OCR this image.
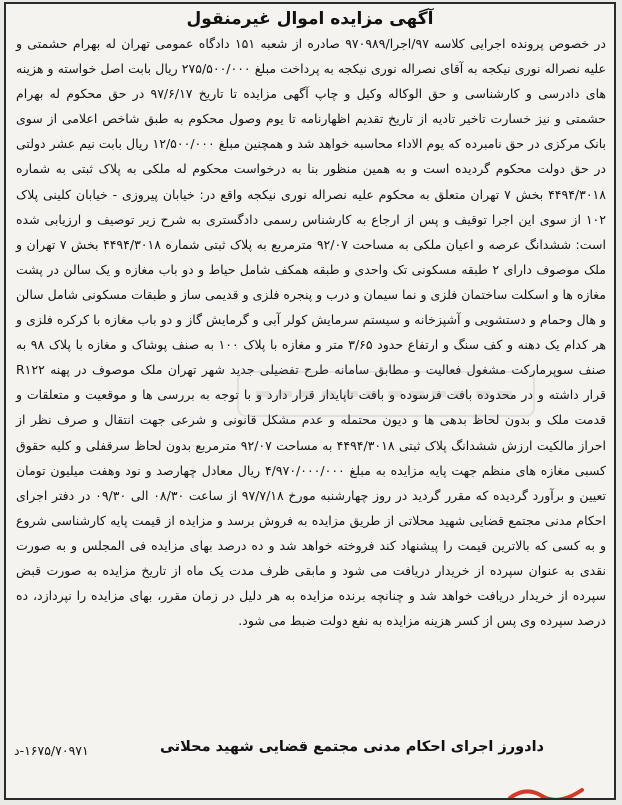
آگهی مزایده اموال غیرمنقول
در خصوص پرونده اجرایی کلاسه ۹۷/اجرا/۹۷۰۹۸۹ صادره از شعبه ۱۵۱ دادگاه عمومی تهران له بهرام حشمتی و علیه نصراله نوری نیکجه به آقای نصراله نوری نیکجه به پرداخت مبلغ ۲۷۵/۵۰۰/۰۰۰ ریال بابت اصل خواسته و هزینه های دادرسی و کارشناسی و حق الوکاله وکیل و چاپ آگهی مزایده تا تاریخ ۹۷/۶/۱۷ در حق محکوم له بهرام حشمتی و نیز خسارت تاخیر تادیه از تاریخ تقدیم اظهارنامه تا یوم وصول محکوم به طبق شاخص اعلامی از سوی بانک مرکزی در حق نامبرده که یوم الاداء محاسبه خواهد شد و همچنین مبلغ ۱۲/۵۰۰/۰۰۰ ریال بابت نیم عشر دولتی در حق دولت محکوم گردیده است و به همین منظور بنا به درخواست محکوم له ملکی به پلاک ثبتی به شماره ۴۴۹۴/۳۰۱۸ بخش ۷ تهران متعلق به محکوم علیه نصراله نوری نیکجه واقع در: خیابان پیروزی - خیابان کلینی پلاک ۱۰۲ از سوی این اجرا توقیف و پس از ارجاع به کارشناس رسمی دادگستری به شرح زیر توصیف و ارزیابی شده است: ششدانگ عرصه و اعیان ملکی به مساحت ۹۲/۰۷ مترمربع به پلاک ثبتی شماره ۴۴۹۴/۳۰۱۸ بخش ۷ تهران و ملک موصوف دارای ۲ طبقه مسکونی تک واحدی و طبقه همکف شامل حیاط و دو باب مغازه و یک سالن در پشت مغازه ها و اسکلت ساختمان فلزی و نما سیمان و درب و پنجره فلزی و قدیمی ساز و طبقات مسکونی شامل سالن و هال وحمام و دستشویی و آشپزخانه و سیستم سرمایش کولر آبی و گرمایش گاز و دو باب مغازه با کرکره فلزی و هر کدام یک دهنه و کف سنگ و ارتفاع حدود ۳/۶۵ متر و مغازه با پلاک ۱۰۰ به صنف پوشاک و مغازه با پلاک ۹۸ به صنف سوپرمارکت مشغول فعالیت و مطابق سامانه طرح تفضیلی جدید شهر تهران ملک موصوف در پهنه R۱۲۲ قرار داشته و در محدوده بافت فرسوده و بافت ناپایدار قرار دارد و با توجه به بررسی ها و موقعیت و متعلقات و قدمت ملک و بدون لحاظ بدهی ها و دیون محتمله و عدم مشکل قانونی و شرعی جهت انتقال و صرف نظر از احراز مالکیت ارزش ششدانگ پلاک ثبتی ۴۴۹۴/۳۰۱۸ به مساحت ۹۲/۰۷ مترمربع بدون لحاظ سرقفلی و کلیه حقوق کسبی مغازه های منظم جهت پایه مزایده به مبلغ ۴/۹۷۰/۰۰۰/۰۰۰ ریال معادل چهارصد و نود وهفت میلیون تومان تعیین و برآورد گردیده که مقرر گردید در روز چهارشنبه مورخ ۹۷/۷/۱۸ از ساعت ۰۸/۳۰ الی ۰۹/۳۰ در دفتر اجرای احکام مدنی مجتمع قضایی شهید محلاتی از طریق مزایده به فروش برسد و مزایده از قیمت پایه کارشناسی شروع و به کسی که بالاترین قیمت را پیشنهاد کند فروخته خواهد شد و ده درصد بهای مزایده فی المجلس و به صورت نقدی به عنوان سپرده از خریدار دریافت می شود و مابقی ظرف مدت یک ماه از تاریخ مزایده به صورت قبض سپرده از خریدار دریافت خواهد شد و چنانچه برنده مزایده به هر دلیل در زمان مقرر، بهای مزایده را نپردازد، ده درصد سپرده وی پس از کسر هزینه مزایده به نفع دولت ضبط می شود.
دادورز اجرای احکام مدنی مجتمع قضایی شهید محلاتی
۱۶۷۵/۷۰۹۷۱-د
